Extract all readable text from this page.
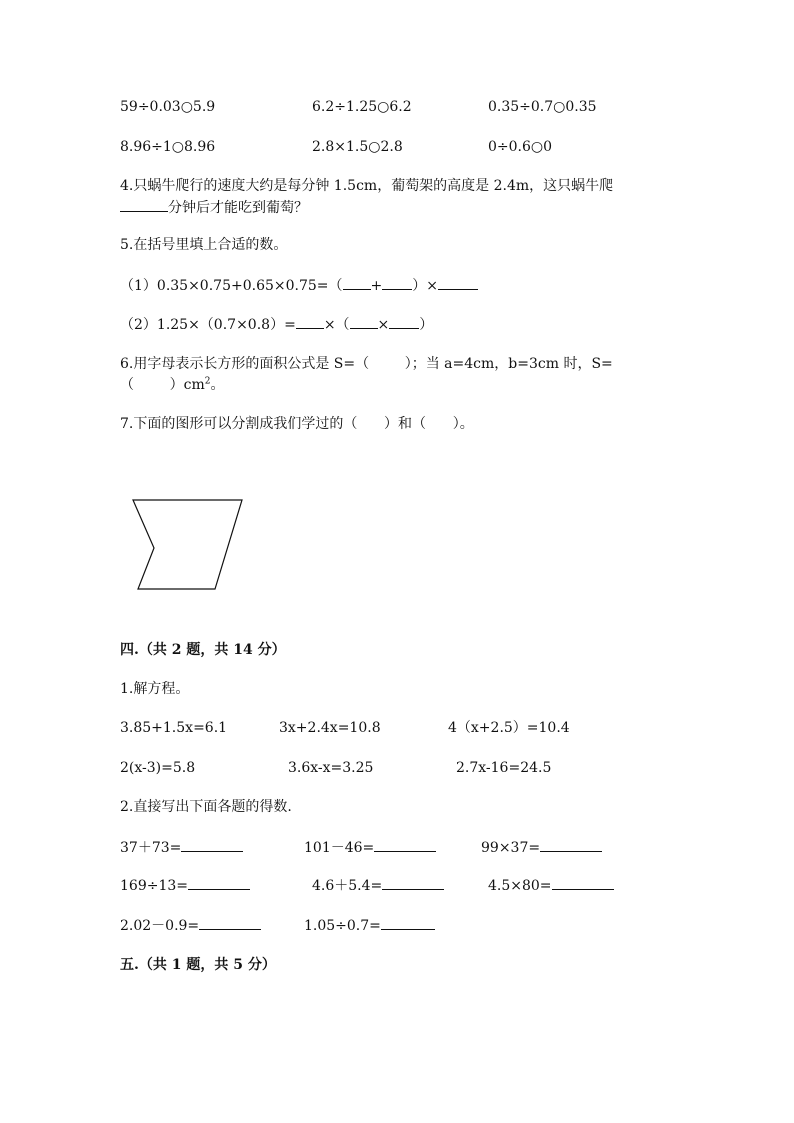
59÷0.03○5.9	6.2÷1.25○6.2	0.35÷0.7○0.35
8.96÷1○8.96	2.8×1.5○2.8	0÷0.6○0
4.只蜗牛爬行的速度大约是每分钟 1.5cm，葡萄架的高度是 2.4m，这只蜗牛爬
分钟后才能吃到葡萄？
5.在括号里填上合适的数。
（1）0.35×0.75+0.65×0.75=（ + ）×
（2）1.25×（0.7×0.8）= ×（ × ）
6.用字母表示长方形的面积公式是 S=（        ）；当 a=4cm，b=3cm 时，S=
（        ）$cm^2$。
7.下面的图形可以分割成我们学过的（      ）和（      ）。
四.（共 2 题，共 14 分）
1.解方程。
3.85+1.5x=6.1	3x+2.4x=10.8	4（x+2.5）=10.4
2(x-3)=5.8	3.6x-x=3.25	2.7x-16=24.5
2.直接写出下面各题的得数.
37＋73=	101－46=	99×37=
169÷13=	4.6＋5.4=	4.5×80=
2.02－0.9=	1.05÷0.7=
五.（共 1 题，共 5 分）
